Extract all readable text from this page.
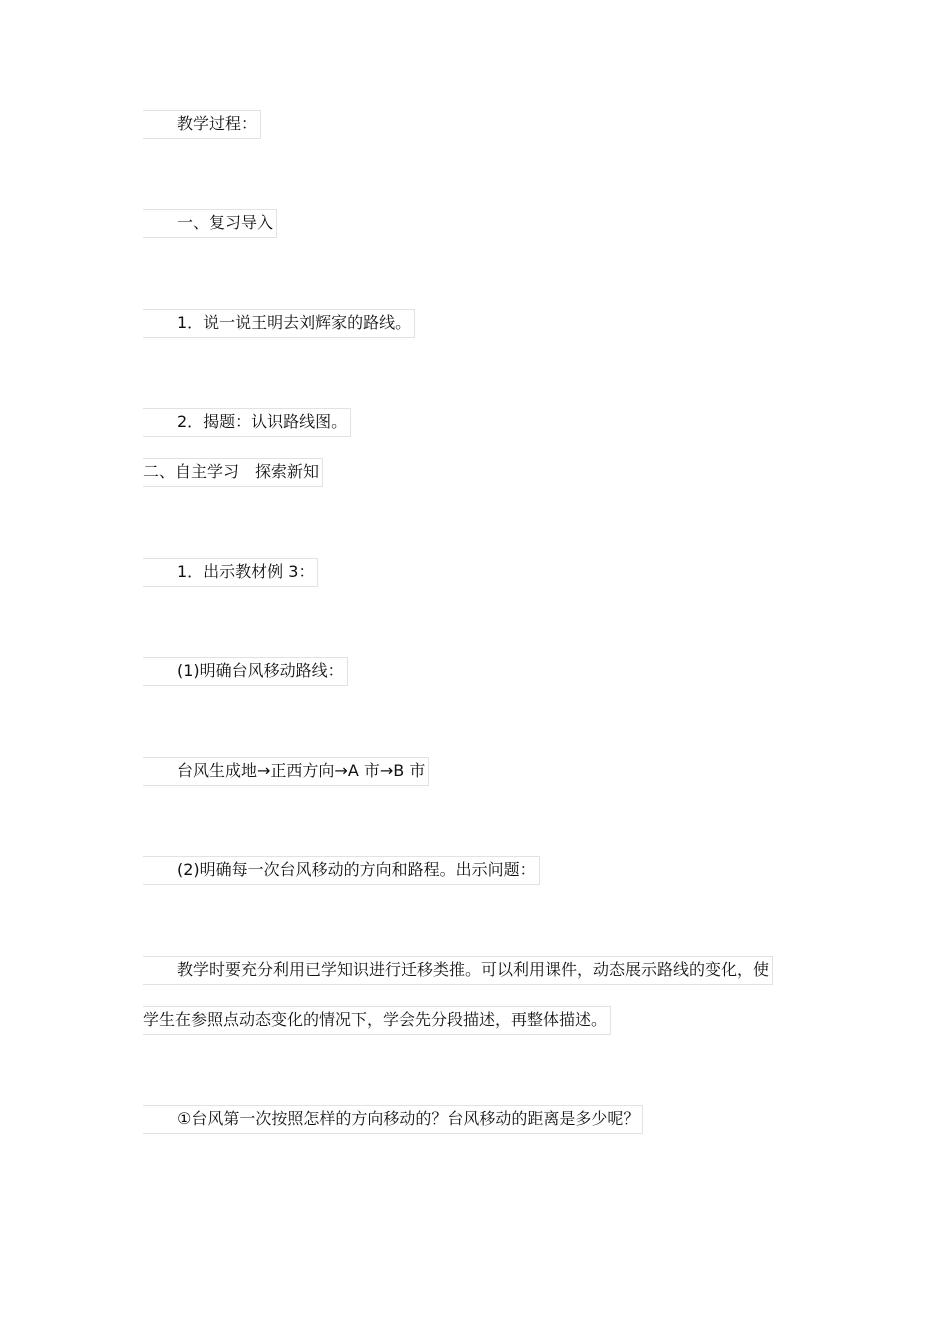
教学过程：
一、复习导入
1．说一说王明去刘辉家的路线。
2．揭题：认识路线图。
二、自主学习　探索新知
1．出示教材例 3：
(1)明确台风移动路线：
台风生成地→正西方向→A 市→B 市
(2)明确每一次台风移动的方向和路程。出示问题：
教学时要充分利用已学知识进行迁移类推。可以利用课件，动态展示路线的变化，使
学生在参照点动态变化的情况下，学会先分段描述，再整体描述。
①台风第一次按照怎样的方向移动的？台风移动的距离是多少呢？
